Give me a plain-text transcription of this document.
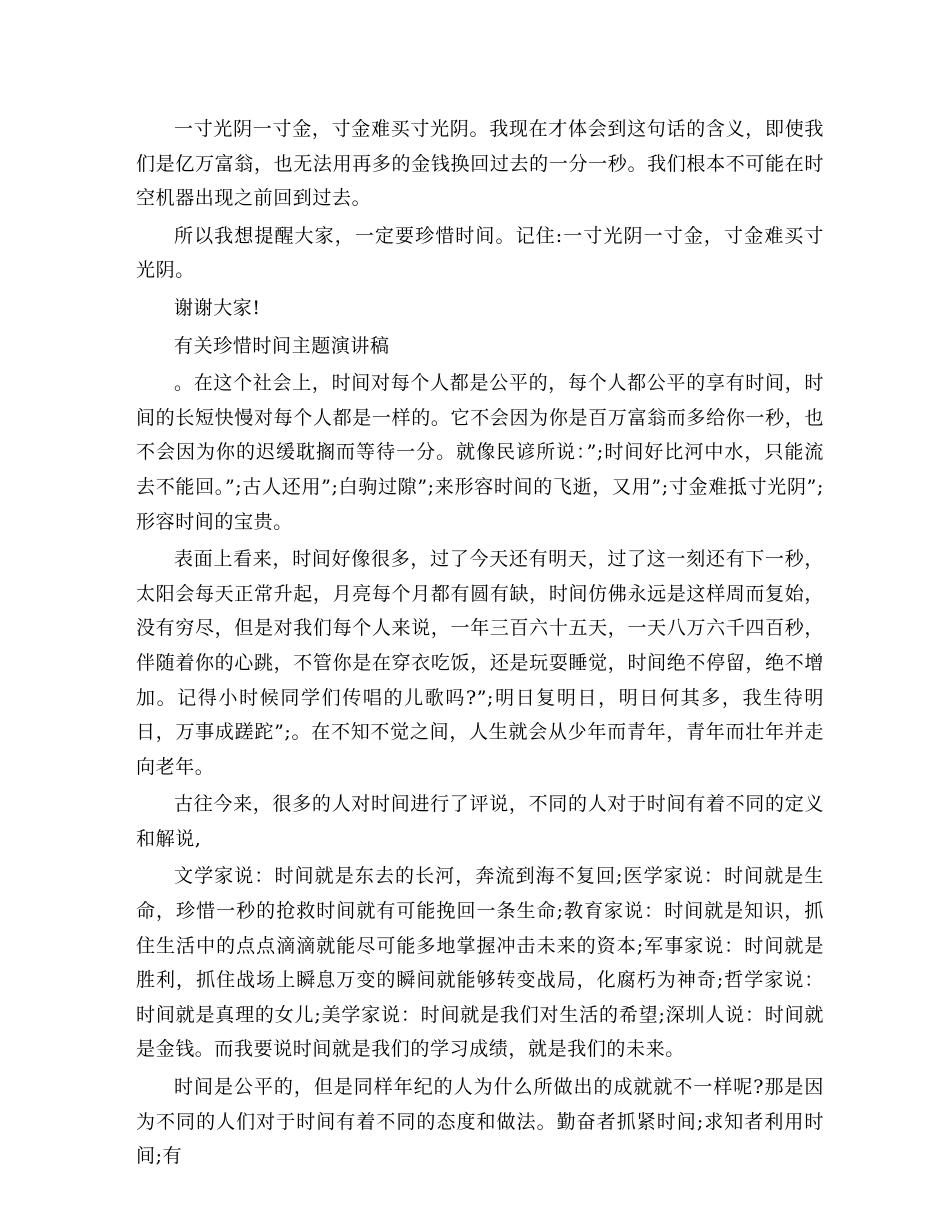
一寸光阴一寸金，寸金难买寸光阴。我现在才体会到这句话的含义，即使我们是亿万富翁，也无法用再多的金钱换回过去的一分一秒。我们根本不可能在时空机器出现之前回到过去。

所以我想提醒大家，一定要珍惜时间。记住:一寸光阴一寸金，寸金难买寸光阴。

谢谢大家!

有关珍惜时间主题演讲稿

。在这个社会上，时间对每个人都是公平的，每个人都公平的享有时间，时间的长短快慢对每个人都是一样的。它不会因为你是百万富翁而多给你一秒，也不会因为你的迟缓耽搁而等待一分。就像民谚所说：”;时间好比河中水，只能流去不能回。”;古人还用”;白驹过隙”;来形容时间的飞逝，又用”;寸金难抵寸光阴”;形容时间的宝贵。

表面上看来，时间好像很多，过了今天还有明天，过了这一刻还有下一秒，太阳会每天正常升起，月亮每个月都有圆有缺，时间仿佛永远是这样周而复始，没有穷尽，但是对我们每个人来说，一年三百六十五天，一天八万六千四百秒，伴随着你的心跳，不管你是在穿衣吃饭，还是玩耍睡觉，时间绝不停留，绝不增加。记得小时候同学们传唱的儿歌吗?”;明日复明日，明日何其多，我生待明日，万事成蹉跎”;。在不知不觉之间，人生就会从少年而青年，青年而壮年并走向老年。

古往今来，很多的人对时间进行了评说，不同的人对于时间有着不同的定义和解说,

文学家说：时间就是东去的长河，奔流到海不复回;医学家说：时间就是生命，珍惜一秒的抢救时间就有可能挽回一条生命;教育家说：时间就是知识，抓住生活中的点点滴滴就能尽可能多地掌握冲击未来的资本;军事家说：时间就是胜利，抓住战场上瞬息万变的瞬间就能够转变战局，化腐朽为神奇;哲学家说：时间就是真理的女儿;美学家说：时间就是我们对生活的希望;深圳人说：时间就是金钱。而我要说时间就是我们的学习成绩，就是我们的未来。

时间是公平的，但是同样年纪的人为什么所做出的成就就不一样呢?那是因为不同的人们对于时间有着不同的态度和做法。勤奋者抓紧时间;求知者利用时间;有
